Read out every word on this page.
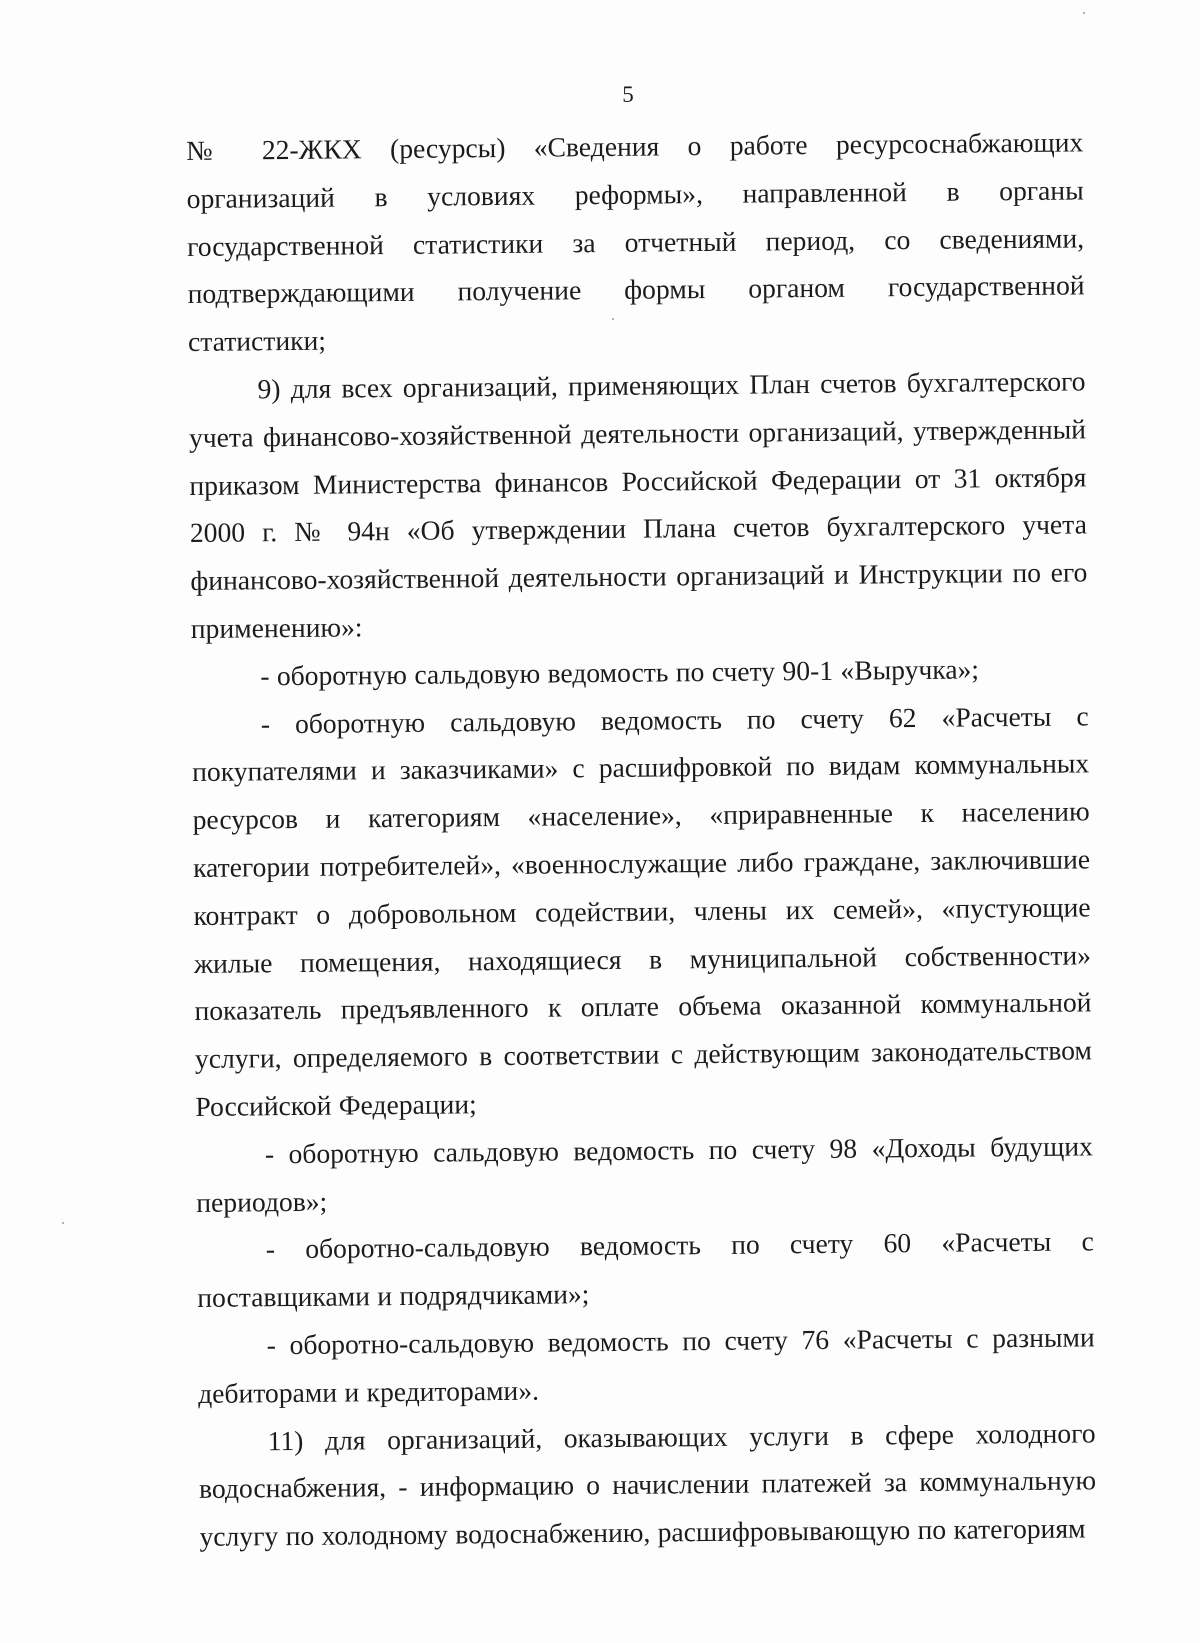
5

№ 22-ЖКХ (ресурсы) «Сведения о работе ресурсоснабжающих организаций в условиях реформы», направленной в органы государственной статистики за отчетный период, со сведениями, подтверждающими получение формы органом государственной статистики;

9) для всех организаций, применяющих План счетов бухгалтерского учета финансово-хозяйственной деятельности организаций, утвержденный приказом Министерства финансов Российской Федерации от 31 октября 2000 г. № 94н «Об утверждении Плана счетов бухгалтерского учета финансово-хозяйственной деятельности организаций и Инструкции по его применению»:

- оборотную сальдовую ведомость по счету 90-1 «Выручка»;

- оборотную сальдовую ведомость по счету 62 «Расчеты с покупателями и заказчиками» с расшифровкой по видам коммунальных ресурсов и категориям «население», «приравненные к населению категории потребителей», «военнослужащие либо граждане, заключившие контракт о добровольном содействии, члены их семей», «пустующие жилые помещения, находящиеся в муниципальной собственности» показатель предъявленного к оплате объема оказанной коммунальной услуги, определяемого в соответствии с действующим законодательством Российской Федерации;

- оборотную сальдовую ведомость по счету 98 «Доходы будущих периодов»;

- оборотно-сальдовую ведомость по счету 60 «Расчеты с поставщиками и подрядчиками»;

- оборотно-сальдовую ведомость по счету 76 «Расчеты с разными дебиторами и кредиторами».

11) для организаций, оказывающих услуги в сфере холодного водоснабжения, - информацию о начислении платежей за коммунальную услугу по холодному водоснабжению, расшифровывающую по категориям
